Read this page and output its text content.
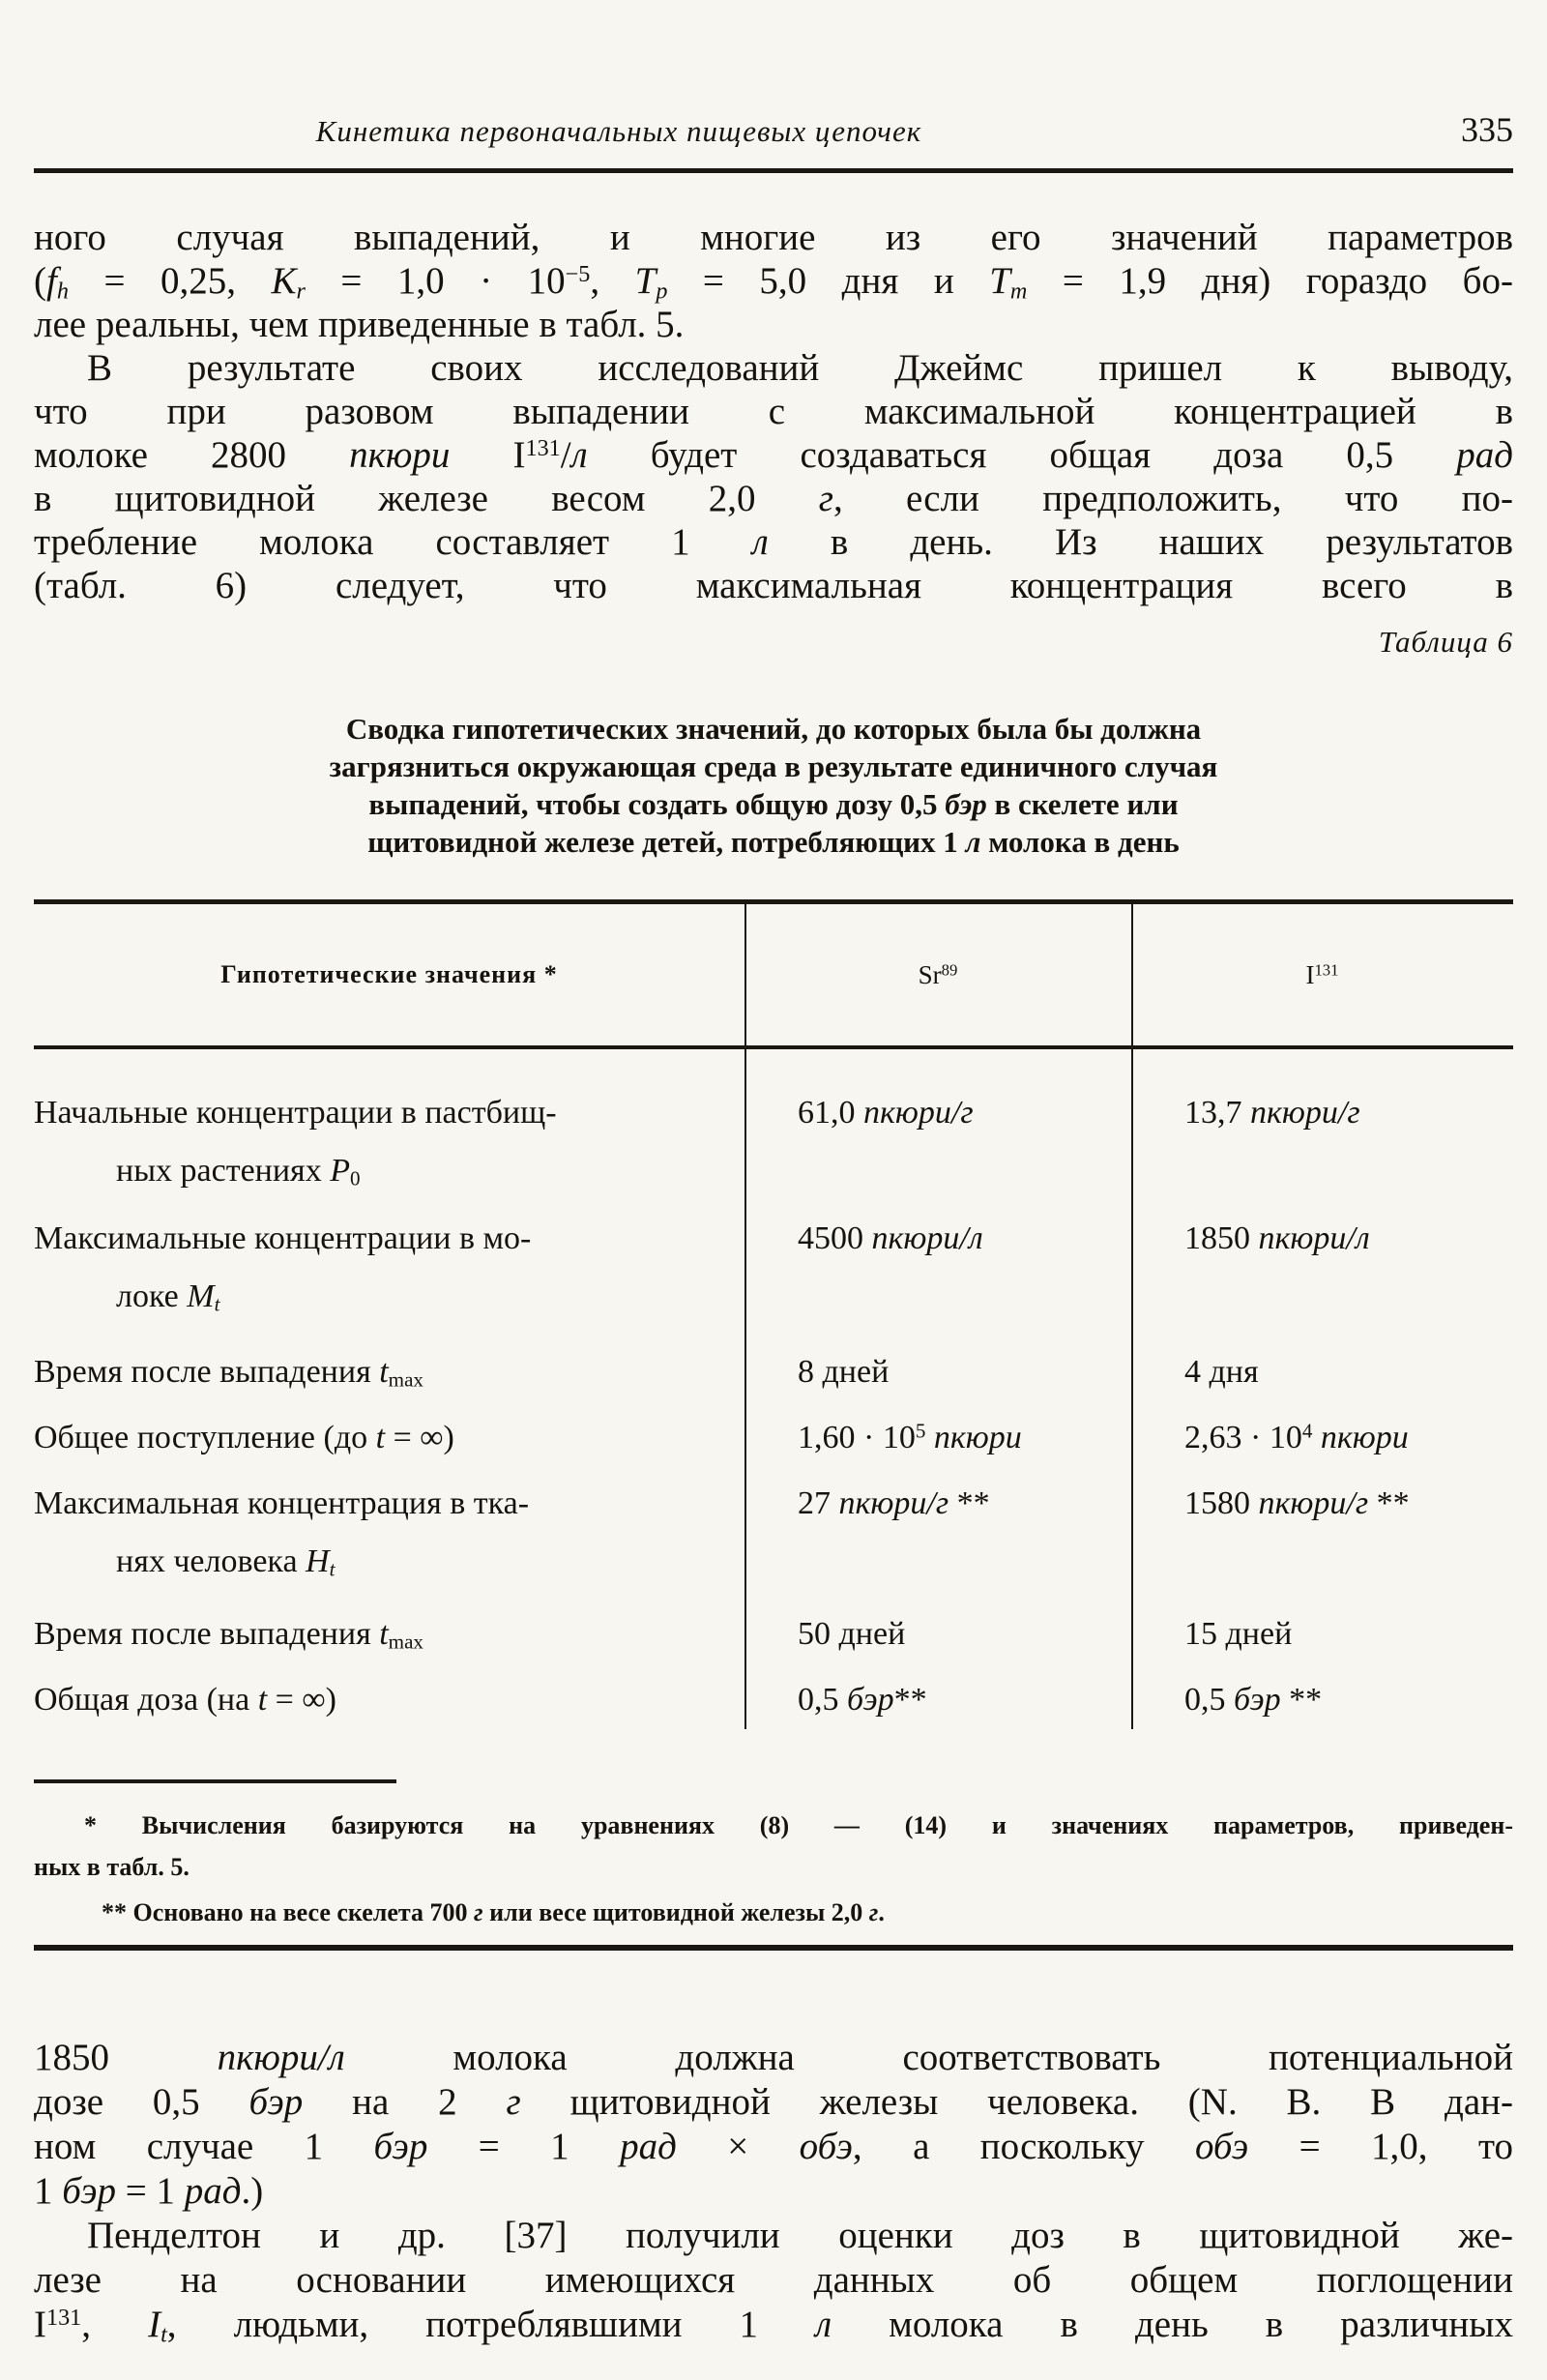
Кинетика первоначальных пищевых цепочек	335
ного случая выпадений, и многие из его значений параметров
($f_h = 0,25$, $K_r = 1,0 \cdot 10^{-5}$, $T_p = 5,0$ дня и $T_m = 1,9$ дня) гораздо бо-
лее реальны, чем приведенные в табл. 5.
В результате своих исследований Джеймс пришел к выводу,
что при разовом выпадении с максимальной концентрацией в
молоке 2800 пкюри $I^{131}/л$ будет создаваться общая доза 0,5 рад
в щитовидной железе весом 2,0 г, если предположить, что по-
требление молока составляет 1 л в день. Из наших результатов
(табл. 6) следует, что максимальная концентрация всего в
Таблица 6
Сводка гипотетических значений, до которых была бы должна
загрязниться окружающая среда в результате единичного случая
выпадений, чтобы создать общую дозу 0,5 бэр в скелете или
щитовидной железе детей, потребляющих 1 л молока в день
Гипотетические значения *	Sr$^{89}$	$I^{131}$
Начальные концентрации в пастбищ-
ных растениях $P_0$
61,0 пкюри/г	13,7 пкюри/г
Максимальные концентрации в мо-
локе $M_t$
4500 пкюри/л	1850 пкюри/л
Время после выпадения $t_{max}$	8 дней	4 дня
Общее поступление (до t = ∞)	$1,60 \cdot 10^5$ пкюри	$2,63 \cdot 10^4$ пкюри
Максимальная концентрация в тка-
нях человека $H_t$
27 пкюри/г **	1580 пкюри/г **
Время после выпадения $t_{max}$	50 дней	15 дней
Общая доза (на t = ∞)	0,5 бэр**	0,5 бэр **
* Вычисления базируются на уравнениях (8) — (14) и значениях параметров, приведен-
ных в табл. 5.
** Основано на весе скелета 700 г или весе щитовидной железы 2,0 г.
1850 пкюри/л молока должна соответствовать потенциальной
дозе 0,5 бэр на 2 г щитовидной железы человека. (N. B. В дан-
ном случае 1 бэр = 1 рад × обэ, а поскольку обэ = 1,0, то
1 бэр = 1 рад.)
Пенделтон и др. [37] получили оценки доз в щитовидной же-
лезе на основании имеющихся данных об общем поглощении
$I^{131}$, $I_t$, людьми, потреблявшими 1 л молока в день в различных
